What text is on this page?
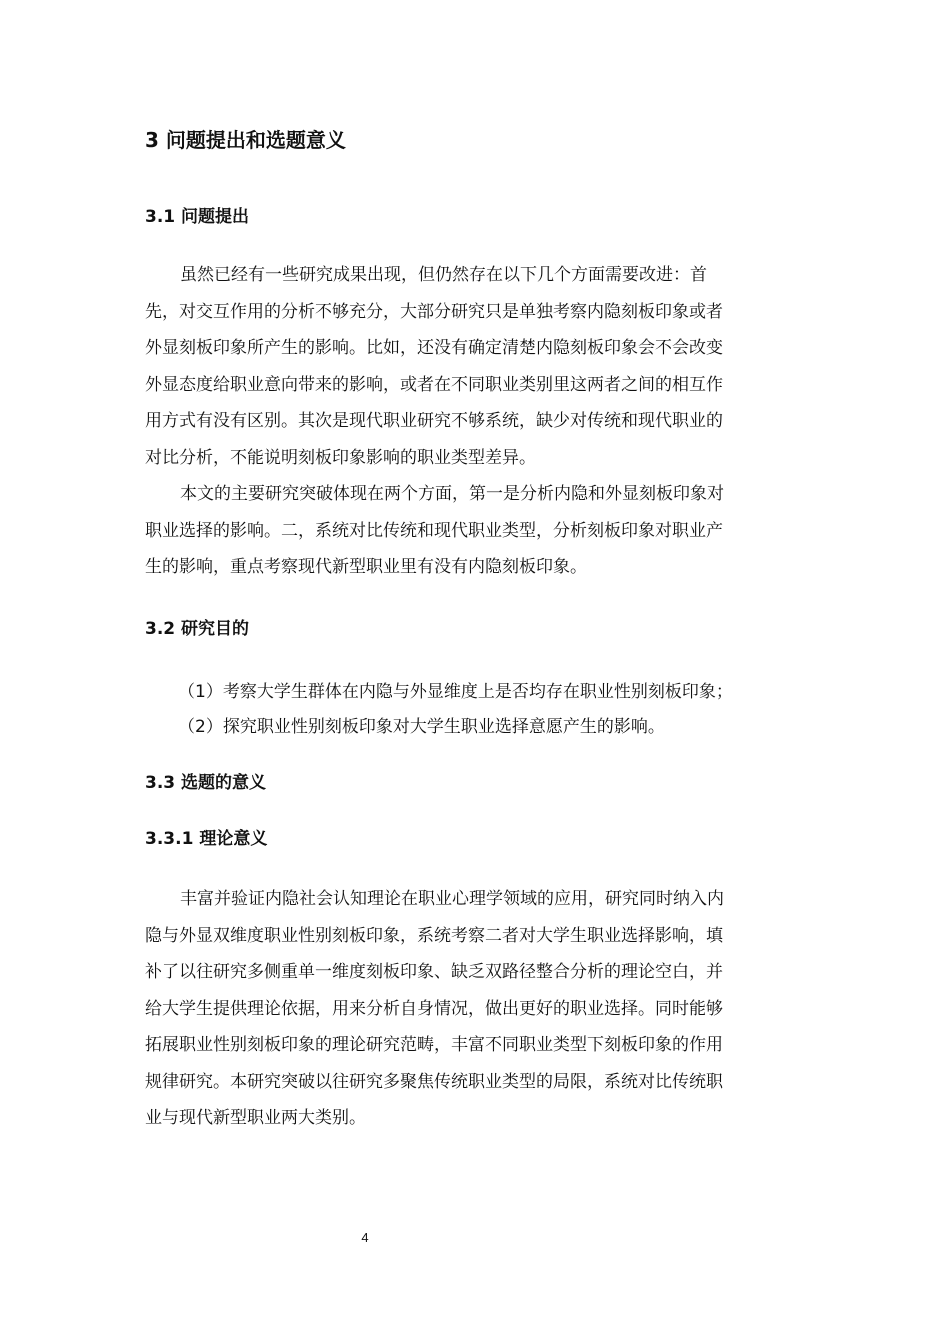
3 问题提出和选题意义
3.1 问题提出
虽然已经有一些研究成果出现，但仍然存在以下几个方面需要改进：首
先，对交互作用的分析不够充分，大部分研究只是单独考察内隐刻板印象或者
外显刻板印象所产生的影响。比如，还没有确定清楚内隐刻板印象会不会改变
外显态度给职业意向带来的影响，或者在不同职业类别里这两者之间的相互作
用方式有没有区别。其次是现代职业研究不够系统，缺少对传统和现代职业的
对比分析，不能说明刻板印象影响的职业类型差异。
本文的主要研究突破体现在两个方面，第一是分析内隐和外显刻板印象对
职业选择的影响。二，系统对比传统和现代职业类型，分析刻板印象对职业产
生的影响，重点考察现代新型职业里有没有内隐刻板印象。
3.2 研究目的
（1）考察大学生群体在内隐与外显维度上是否均存在职业性别刻板印象；
（2）探究职业性别刻板印象对大学生职业选择意愿产生的影响。
3.3 选题的意义
3.3.1 理论意义
丰富并验证内隐社会认知理论在职业心理学领域的应用，研究同时纳入内
隐与外显双维度职业性别刻板印象，系统考察二者对大学生职业选择影响，填
补了以往研究多侧重单一维度刻板印象、缺乏双路径整合分析的理论空白，并
给大学生提供理论依据，用来分析自身情况，做出更好的职业选择。同时能够
拓展职业性别刻板印象的理论研究范畴，丰富不同职业类型下刻板印象的作用
规律研究。本研究突破以往研究多聚焦传统职业类型的局限，系统对比传统职
业与现代新型职业两大类别。
4
